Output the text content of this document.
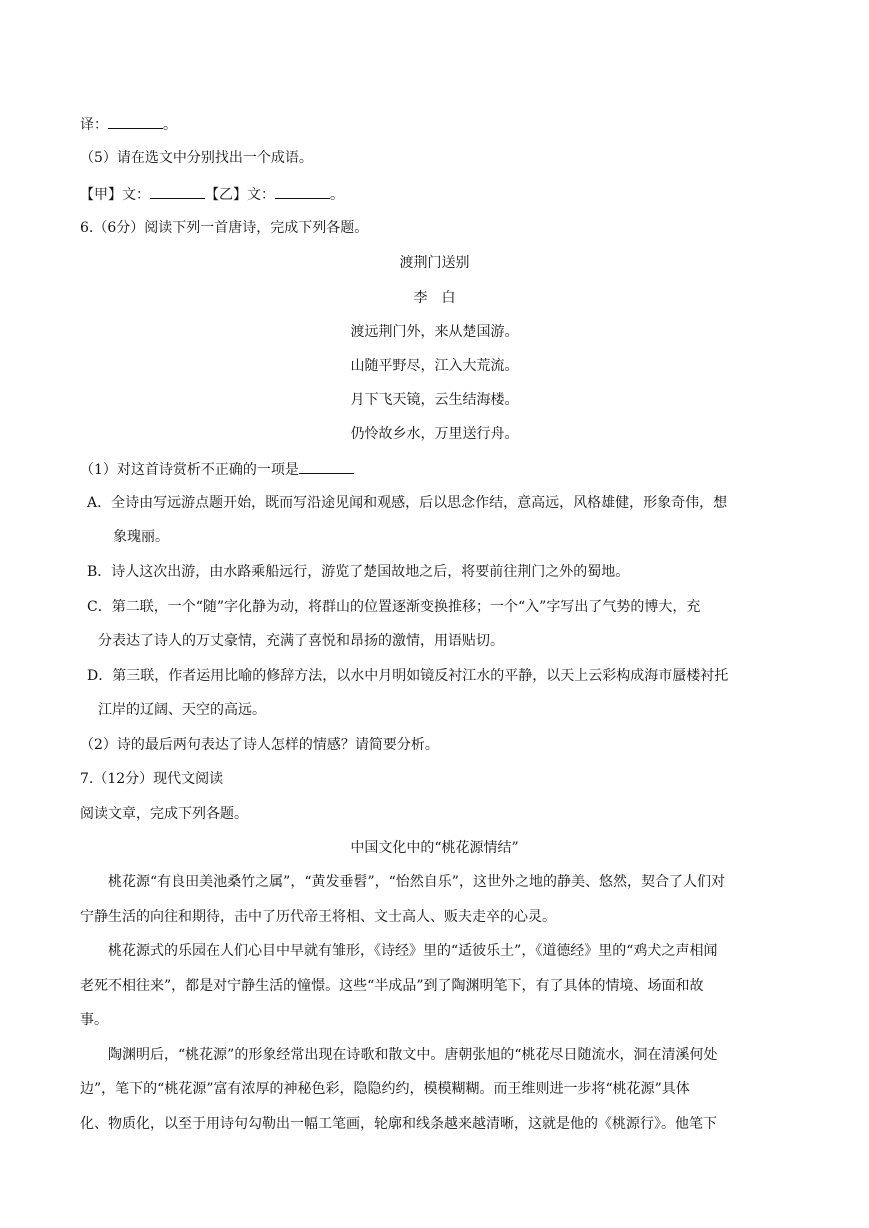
译：	。
（5）请在选文中分别找出一个成语。
【甲】文：	【乙】文：	。
6.（6分）阅读下列一首唐诗，完成下列各题。
渡荆门送别
李　白
渡远荆门外，来从楚国游。
山随平野尽，江入大荒流。
月下飞天镜，云生结海楼。
仍怜故乡水，万里送行舟。
（1）对这首诗赏析不正确的一项是
A．全诗由写远游点题开始，既而写沿途见闻和观感，后以思念作结，意高远，风格雄健，形象奇伟，想
象瑰丽。
B．诗人这次出游，由水路乘船远行，游览了楚国故地之后，将要前往荆门之外的蜀地。
C．第二联，一个“随”字化静为动，将群山的位置逐渐变换推移；一个“入”字写出了气势的博大，充
分表达了诗人的万丈豪情，充满了喜悦和昂扬的激情，用语贴切。
D．第三联，作者运用比喻的修辞方法，以水中月明如镜反衬江水的平静，以天上云彩构成海市蜃楼衬托
江岸的辽阔、天空的高远。
（2）诗的最后两句表达了诗人怎样的情感？请简要分析。
7.（12分）现代文阅读
阅读文章，完成下列各题。
中国文化中的“桃花源情结”
桃花源“有良田美池桑竹之属”，“黄发垂髫”，“怡然自乐”，这世外之地的静美、悠然，契合了人们对
宁静生活的向往和期待，击中了历代帝王将相、文士高人、贩夫走卒的心灵。
桃花源式的乐园在人们心目中早就有雏形，《诗经》里的“适彼乐土”，《道德经》里的“鸡犬之声相闻
老死不相往来”，都是对宁静生活的憧憬。这些“半成品”到了陶渊明笔下，有了具体的情境、场面和故
事。
陶渊明后，“桃花源”的形象经常出现在诗歌和散文中。唐朝张旭的“桃花尽日随流水，洞在清溪何处
边”，笔下的“桃花源”富有浓厚的神秘色彩，隐隐约约，模模糊糊。而王维则进一步将“桃花源”具体
化、物质化，以至于用诗句勾勒出一幅工笔画，轮廓和线条越来越清晰，这就是他的《桃源行》。他笔下
